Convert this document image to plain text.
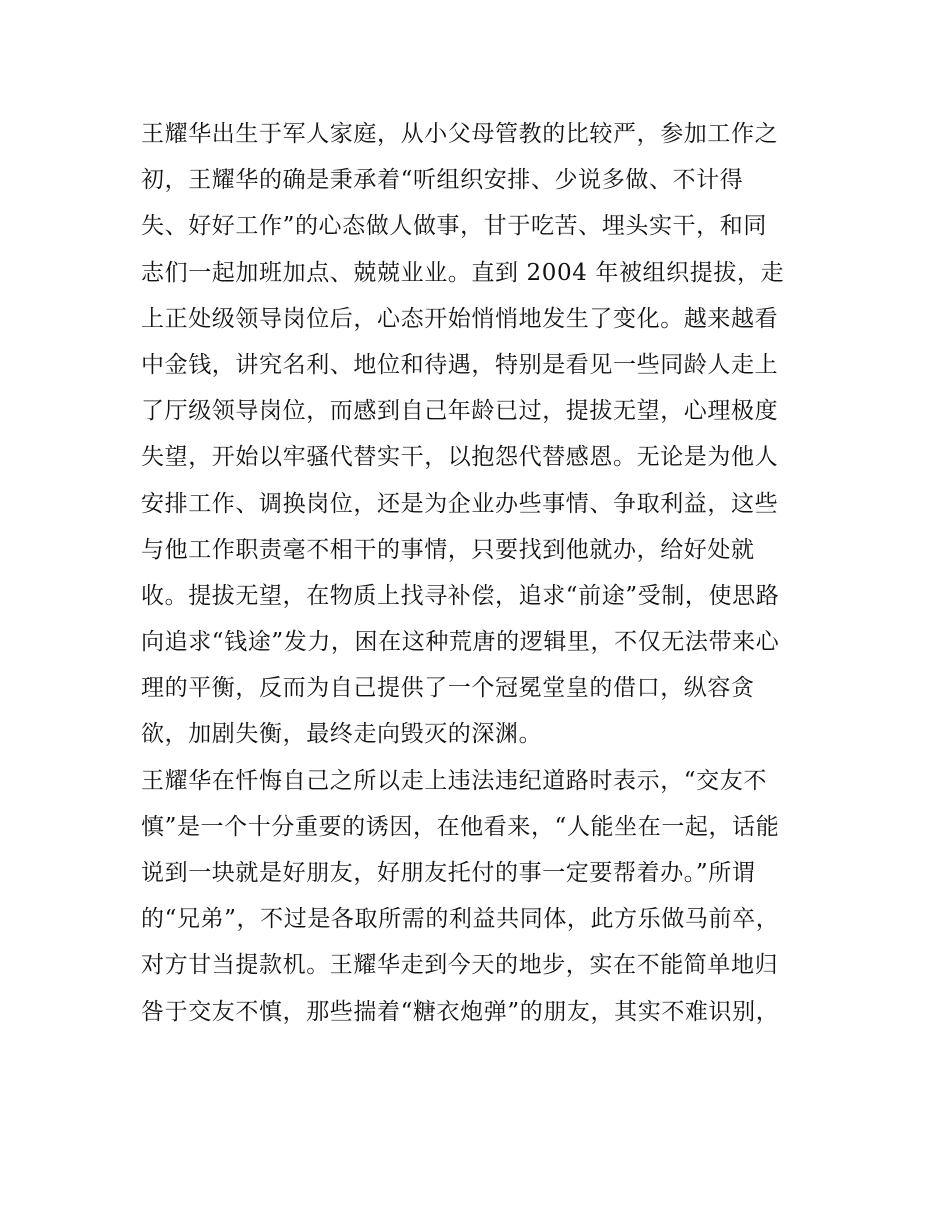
王耀华出生于军人家庭，从小父母管教的比较严，参加工作之
初，王耀华的确是秉承着“听组织安排、少说多做、不计得
失、好好工作”的心态做人做事，甘于吃苦、埋头实干，和同
志们一起加班加点、兢兢业业。直到 2004 年被组织提拔，走
上正处级领导岗位后，心态开始悄悄地发生了变化。越来越看
中金钱，讲究名利、地位和待遇，特别是看见一些同龄人走上
了厅级领导岗位，而感到自己年龄已过，提拔无望，心理极度
失望，开始以牢骚代替实干，以抱怨代替感恩。无论是为他人
安排工作、调换岗位，还是为企业办些事情、争取利益，这些
与他工作职责毫不相干的事情，只要找到他就办，给好处就
收。提拔无望，在物质上找寻补偿，追求“前途”受制，使思路
向追求“钱途”发力，困在这种荒唐的逻辑里，不仅无法带来心
理的平衡，反而为自己提供了一个冠冕堂皇的借口，纵容贪
欲，加剧失衡，最终走向毁灭的深渊。
王耀华在忏悔自己之所以走上违法违纪道路时表示，“交友不
慎”是一个十分重要的诱因，在他看来，“人能坐在一起，话能
说到一块就是好朋友，好朋友托付的事一定要帮着办。”所谓
的“兄弟”，不过是各取所需的利益共同体，此方乐做马前卒，
对方甘当提款机。王耀华走到今天的地步，实在不能简单地归
咎于交友不慎，那些揣着“糖衣炮弹”的朋友，其实不难识别，
